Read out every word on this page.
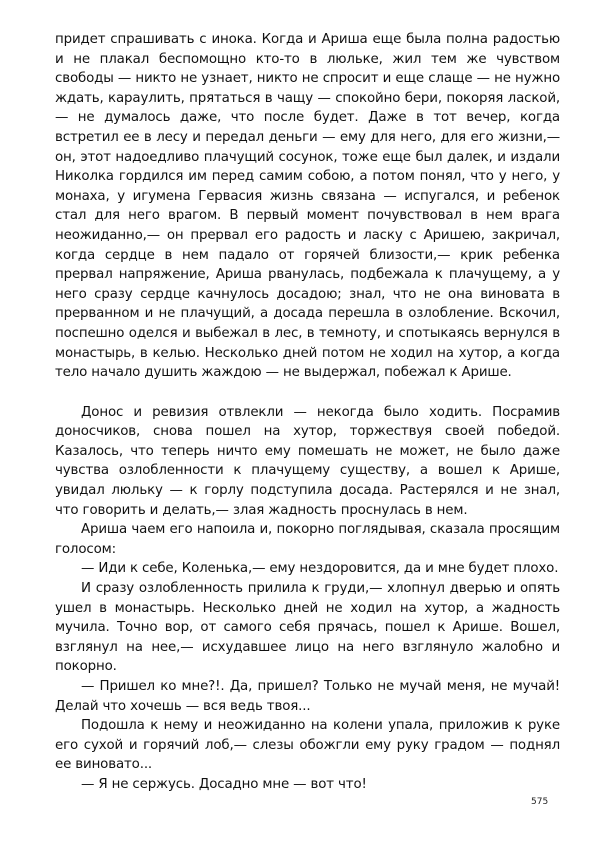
придет спрашивать с инока. Когда и Ариша еще была полна радостью и не плакал беспомощно кто-то в люльке, жил тем же чувством свободы — никто не узнает, никто не спросит и еще слаще — не нужно ждать, караулить, прятаться в чащу — спокойно бери, покоряя лаской,— не думалось даже, что после будет. Даже в тот вечер, когда встретил ее в лесу и передал деньги — ему для него, для его жизни,— он, этот надоедливо плачущий сосунок, тоже еще был далек, и издали Николка гордился им перед самим собою, а потом понял, что у него, у монаха, у игумена Гервасия жизнь связана — испугался, и ребенок стал для него врагом. В первый момент почувствовал в нем врага неожиданно,— он прервал его радость и ласку с Аришею, закричал, когда сердце в нем падало от горячей близости,— крик ребенка прервал напряжение, Ариша рванулась, подбежала к плачущему, а у него сразу сердце качнулось досадою; знал, что не она виновата в прерванном и не плачущий, а досада перешла в озлобление. Вскочил, поспешно оделся и выбежал в лес, в темноту, и спотыкаясь вернулся в монастырь, в келью. Несколько дней потом не ходил на хутор, а когда тело начало душить жаждою — не выдержал, побежал к Арише.

Донос и ревизия отвлекли — некогда было ходить. Посрамив доносчиков, снова пошел на хутор, торжествуя своей победой. Казалось, что теперь ничто ему помешать не может, не было даже чувства озлобленности к плачущему существу, а вошел к Арише, увидал люльку — к горлу подступила досада. Растерялся и не знал, что говорить и делать,— злая жадность проснулась в нем.

Ариша чаем его напоила и, покорно поглядывая, сказала просящим голосом:

— Иди к себе, Коленька,— ему нездоровится, да и мне будет плохо.

И сразу озлобленность прилила к груди,— хлопнул дверью и опять ушел в монастырь. Несколько дней не ходил на хутор, а жадность мучила. Точно вор, от самого себя прячась, пошел к Арише. Вошел, взглянул на нее,— исхудавшее лицо на него взглянуло жалобно и покорно.

— Пришел ко мне?!. Да, пришел? Только не мучай меня, не мучай! Делай что хочешь — вся ведь твоя...

Подошла к нему и неожиданно на колени упала, приложив к руке его сухой и горячий лоб,— слезы обожгли ему руку градом — поднял ее виновато...

— Я не сержусь. Досадно мне — вот что!

575
